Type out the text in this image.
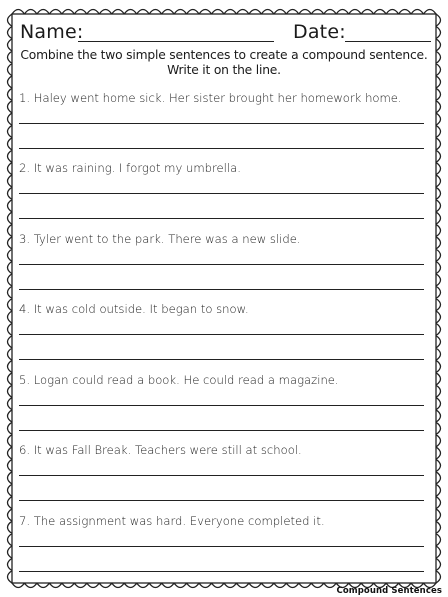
Name:	Date:
Combine the two simple sentences to create a compound sentence.
Write it on the line.
1. Haley went home sick. Her sister brought her homework home.
2. It was raining. I forgot my umbrella.
3. Tyler went to the park. There was a new slide.
4. It was cold outside. It began to snow.
5. Logan could read a book. He could read a magazine.
6. It was Fall Break. Teachers were still at school.
7. The assignment was hard. Everyone completed it.
Compound Sentences
